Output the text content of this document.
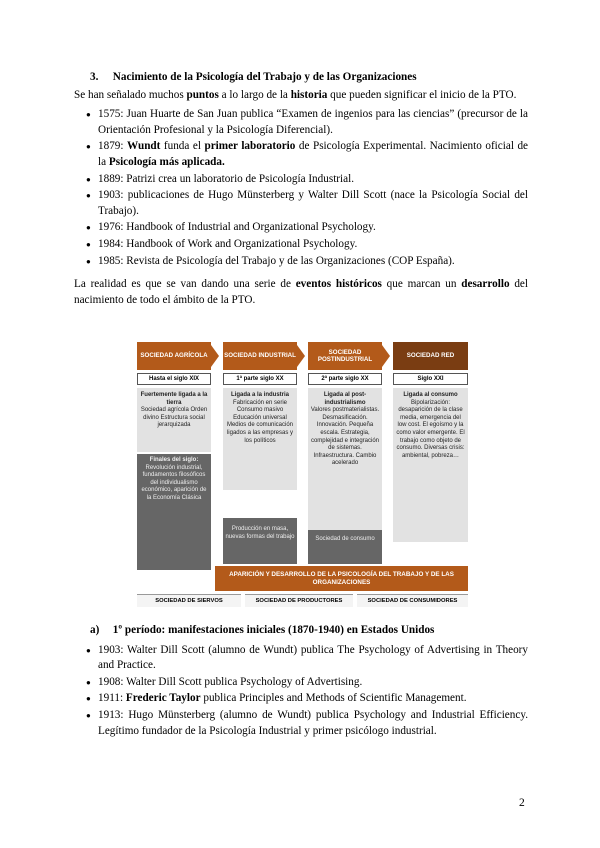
3. Nacimiento de la Psicología del Trabajo y de las Organizaciones

Se han señalado muchos puntos a lo largo de la historia que pueden significar el inicio de la PTO.

● 1575: Juan Huarte de San Juan publica “Examen de ingenios para las ciencias” (precursor de la Orientación Profesional y la Psicología Diferencial).
● 1879: Wundt funda el primer laboratorio de Psicología Experimental. Nacimiento oficial de la Psicología más aplicada.
● 1889: Patrizi crea un laboratorio de Psicología Industrial.
● 1903: publicaciones de Hugo Münsterberg y Walter Dill Scott (nace la Psicología Social del Trabajo).
● 1976: Handbook of Industrial and Organizational Psychology.
● 1984: Handbook of Work and Organizational Psychology.
● 1985: Revista de Psicología del Trabajo y de las Organizaciones (COP España).

La realidad es que se van dando una serie de eventos históricos que marcan un desarrollo del nacimiento de todo el ámbito de la PTO.

SOCIEDAD AGRÍCOLA
Hasta el siglo XIX
Fuertemente ligada a la tierra
Sociedad agrícola Orden divino Estructura social jerarquizada
Finales del siglo:
Revolución industrial, fundamentos filosóficos del individualismo económico, aparición de la Economía Clásica
SOCIEDAD INDUSTRIAL
1ª parte siglo XX
Ligada a la industria
Fabricación en serie Consumo masivo Educación universal Medios de comunicación ligados a las empresas y los políticos
Producción en masa, nuevas formas del trabajo
SOCIEDAD POSTINDUSTRIAL
2ª parte siglo XX
Ligada al post-industrialismo
Valores postmaterialistas. Desmasificación. Innovación. Pequeña escala. Estrategia, complejidad e integración de sistemas. Infraestructura. Cambio acelerado
Sociedad de consumo
SOCIEDAD RED
Siglo XXI
Ligada al consumo
Bipolarización: desaparición de la clase media, emergencia del low cost. El egoísmo y la como valor emergente. El trabajo como objeto de consumo. Diversas crisis: ambiental, pobreza…
APARICIÓN Y DESARROLLO DE LA PSICOLOGÍA DEL TRABAJO Y DE LAS ORGANIZACIONES
SOCIEDAD DE SIERVOS	SOCIEDAD DE PRODUCTORES	SOCIEDAD DE CONSUMIDORES
a) 1º período: manifestaciones iniciales (1870-1940) en Estados Unidos
● 1903: Walter Dill Scott (alumno de Wundt) publica The Psychology of Advertising in Theory and Practice.
● 1908: Walter Dill Scott publica Psychology of Advertising.
● 1911: Frederic Taylor publica Principles and Methods of Scientific Management.
● 1913: Hugo Münsterberg (alumno de Wundt) publica Psychology and Industrial Efficiency. Legítimo fundador de la Psicología Industrial y primer psicólogo industrial.
2
